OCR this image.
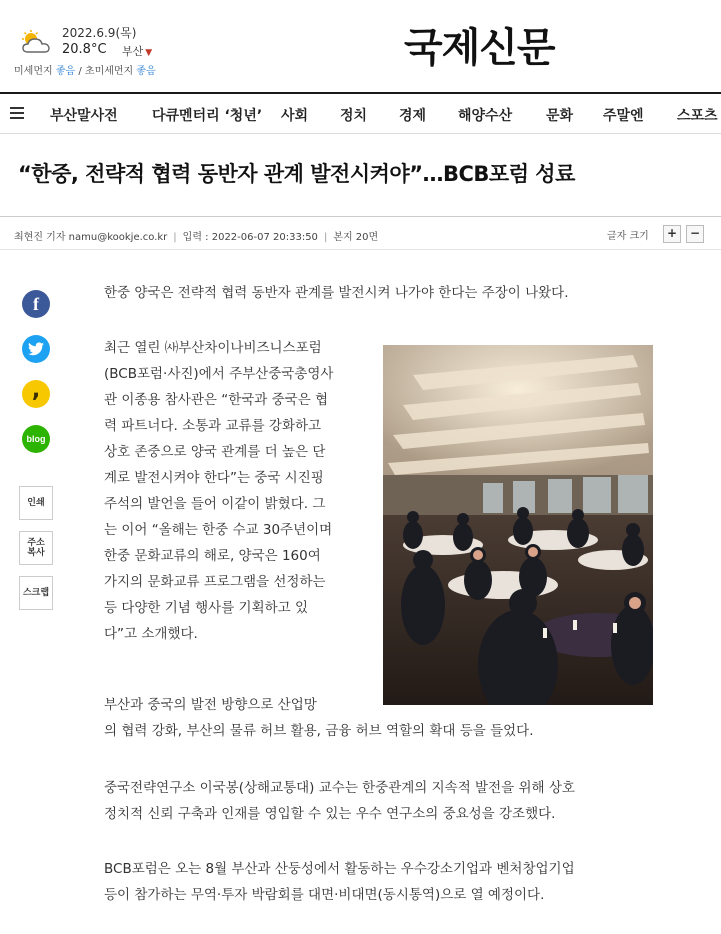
2022.6.9(목)
20.8°C 부산 ▼
미세먼지 좋음 / 초미세먼지 좋음
국제신문
부산말사전 다큐멘터리 ‘청년’ 사회 정치 경제 해양수산 문화 주말엔 스포츠
“한중, 전략적 협력 동반자 관계 발전시켜야”…BCB포럼 성료
최현진 기자 namu@kookje.co.kr | 입력 : 2022-06-07 20:33:50 | 본지 20면	글자 크기	+	−
f
,
blog
인쇄
주소복사
스크랩
한중 양국은 전략적 협력 동반자 관계를 발전시켜 나가야 한다는 주장이 나왔다.
최근 열린 ㈔부산차이나비즈니스포럼
(BCB포럼·사진)에서 주부산중국총영사
관 이종용 참사관은 “한국과 중국은 협
력 파트너다. 소통과 교류를 강화하고
상호 존중으로 양국 관계를 더 높은 단
계로 발전시켜야 한다”는 중국 시진핑
주석의 발언을 들어 이같이 밝혔다. 그
는 이어 “올해는 한중 수교 30주년이며
한중 문화교류의 해로, 양국은 160여
가지의 문화교류 프로그램을 선정하는
등 다양한 기념 행사를 기획하고 있
다”고 소개했다.
부산과 중국의 발전 방향으로 산업망
의 협력 강화, 부산의 물류 허브 활용, 금융 허브 역할의 확대 등을 들었다.
중국전략연구소 이국봉(상해교통대) 교수는 한중관계의 지속적 발전을 위해 상호
정치적 신뢰 구축과 인재를 영입할 수 있는 우수 연구소의 중요성을 강조했다.
BCB포럼은 오는 8월 부산과 산둥성에서 활동하는 우수강소기업과 벤처창업기업
등이 참가하는 무역·투자 박람회를 대면·비대면(동시통역)으로 열 예정이다.
